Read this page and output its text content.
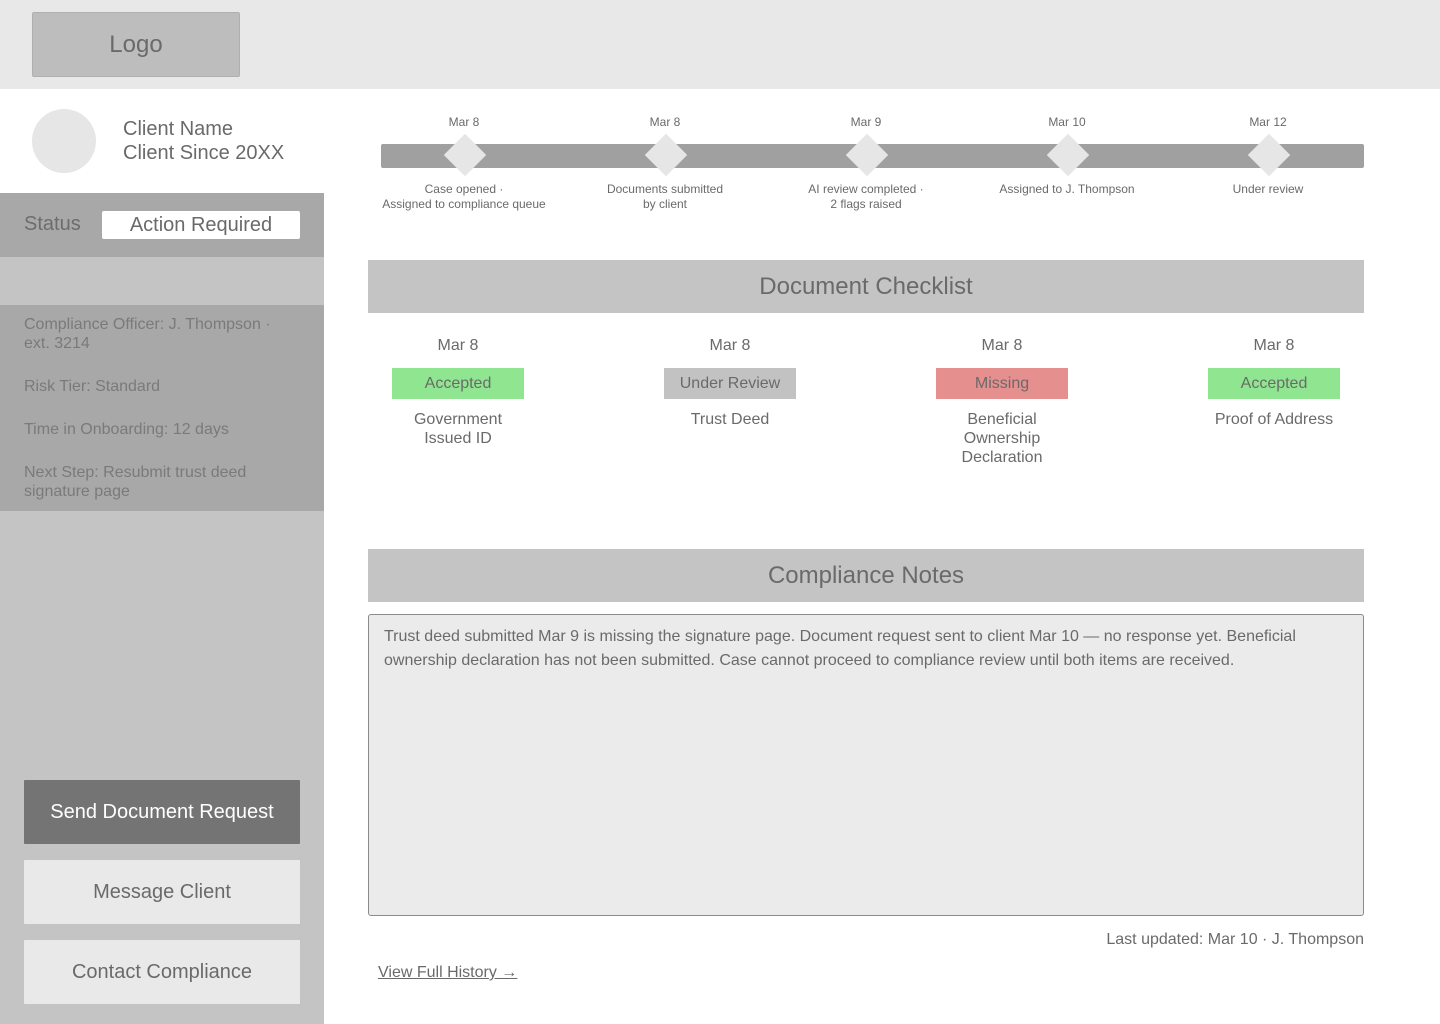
Logo
Client Name
Client Since 20XX
Status	Action Required
Compliance Officer: J. Thompson · ext. 3214
Risk Tier: Standard
Time in Onboarding: 12 days
Next Step: Resubmit trust deed signature page
Send Document Request
Message Client
Contact Compliance
Mar 8
Case opened ·
Assigned to compliance queue
Mar 8
Documents submitted
by client
Mar 9
AI review completed ·
2 flags raised
Mar 10
Assigned to J. Thompson
Mar 12
Under review
Document Checklist
Mar 8
Accepted
Government Issued ID
Mar 8
Under Review
Trust Deed
Mar 8
Missing
Beneficial Ownership Declaration
Mar 8
Accepted
Proof of Address
Compliance Notes
Trust deed submitted Mar 9 is missing the signature page. Document request sent to client Mar 10 — no response yet. Beneficial ownership declaration has not been submitted. Case cannot proceed to compliance review until both items are received.
Last updated: Mar 10 · J. Thompson
View Full History →
